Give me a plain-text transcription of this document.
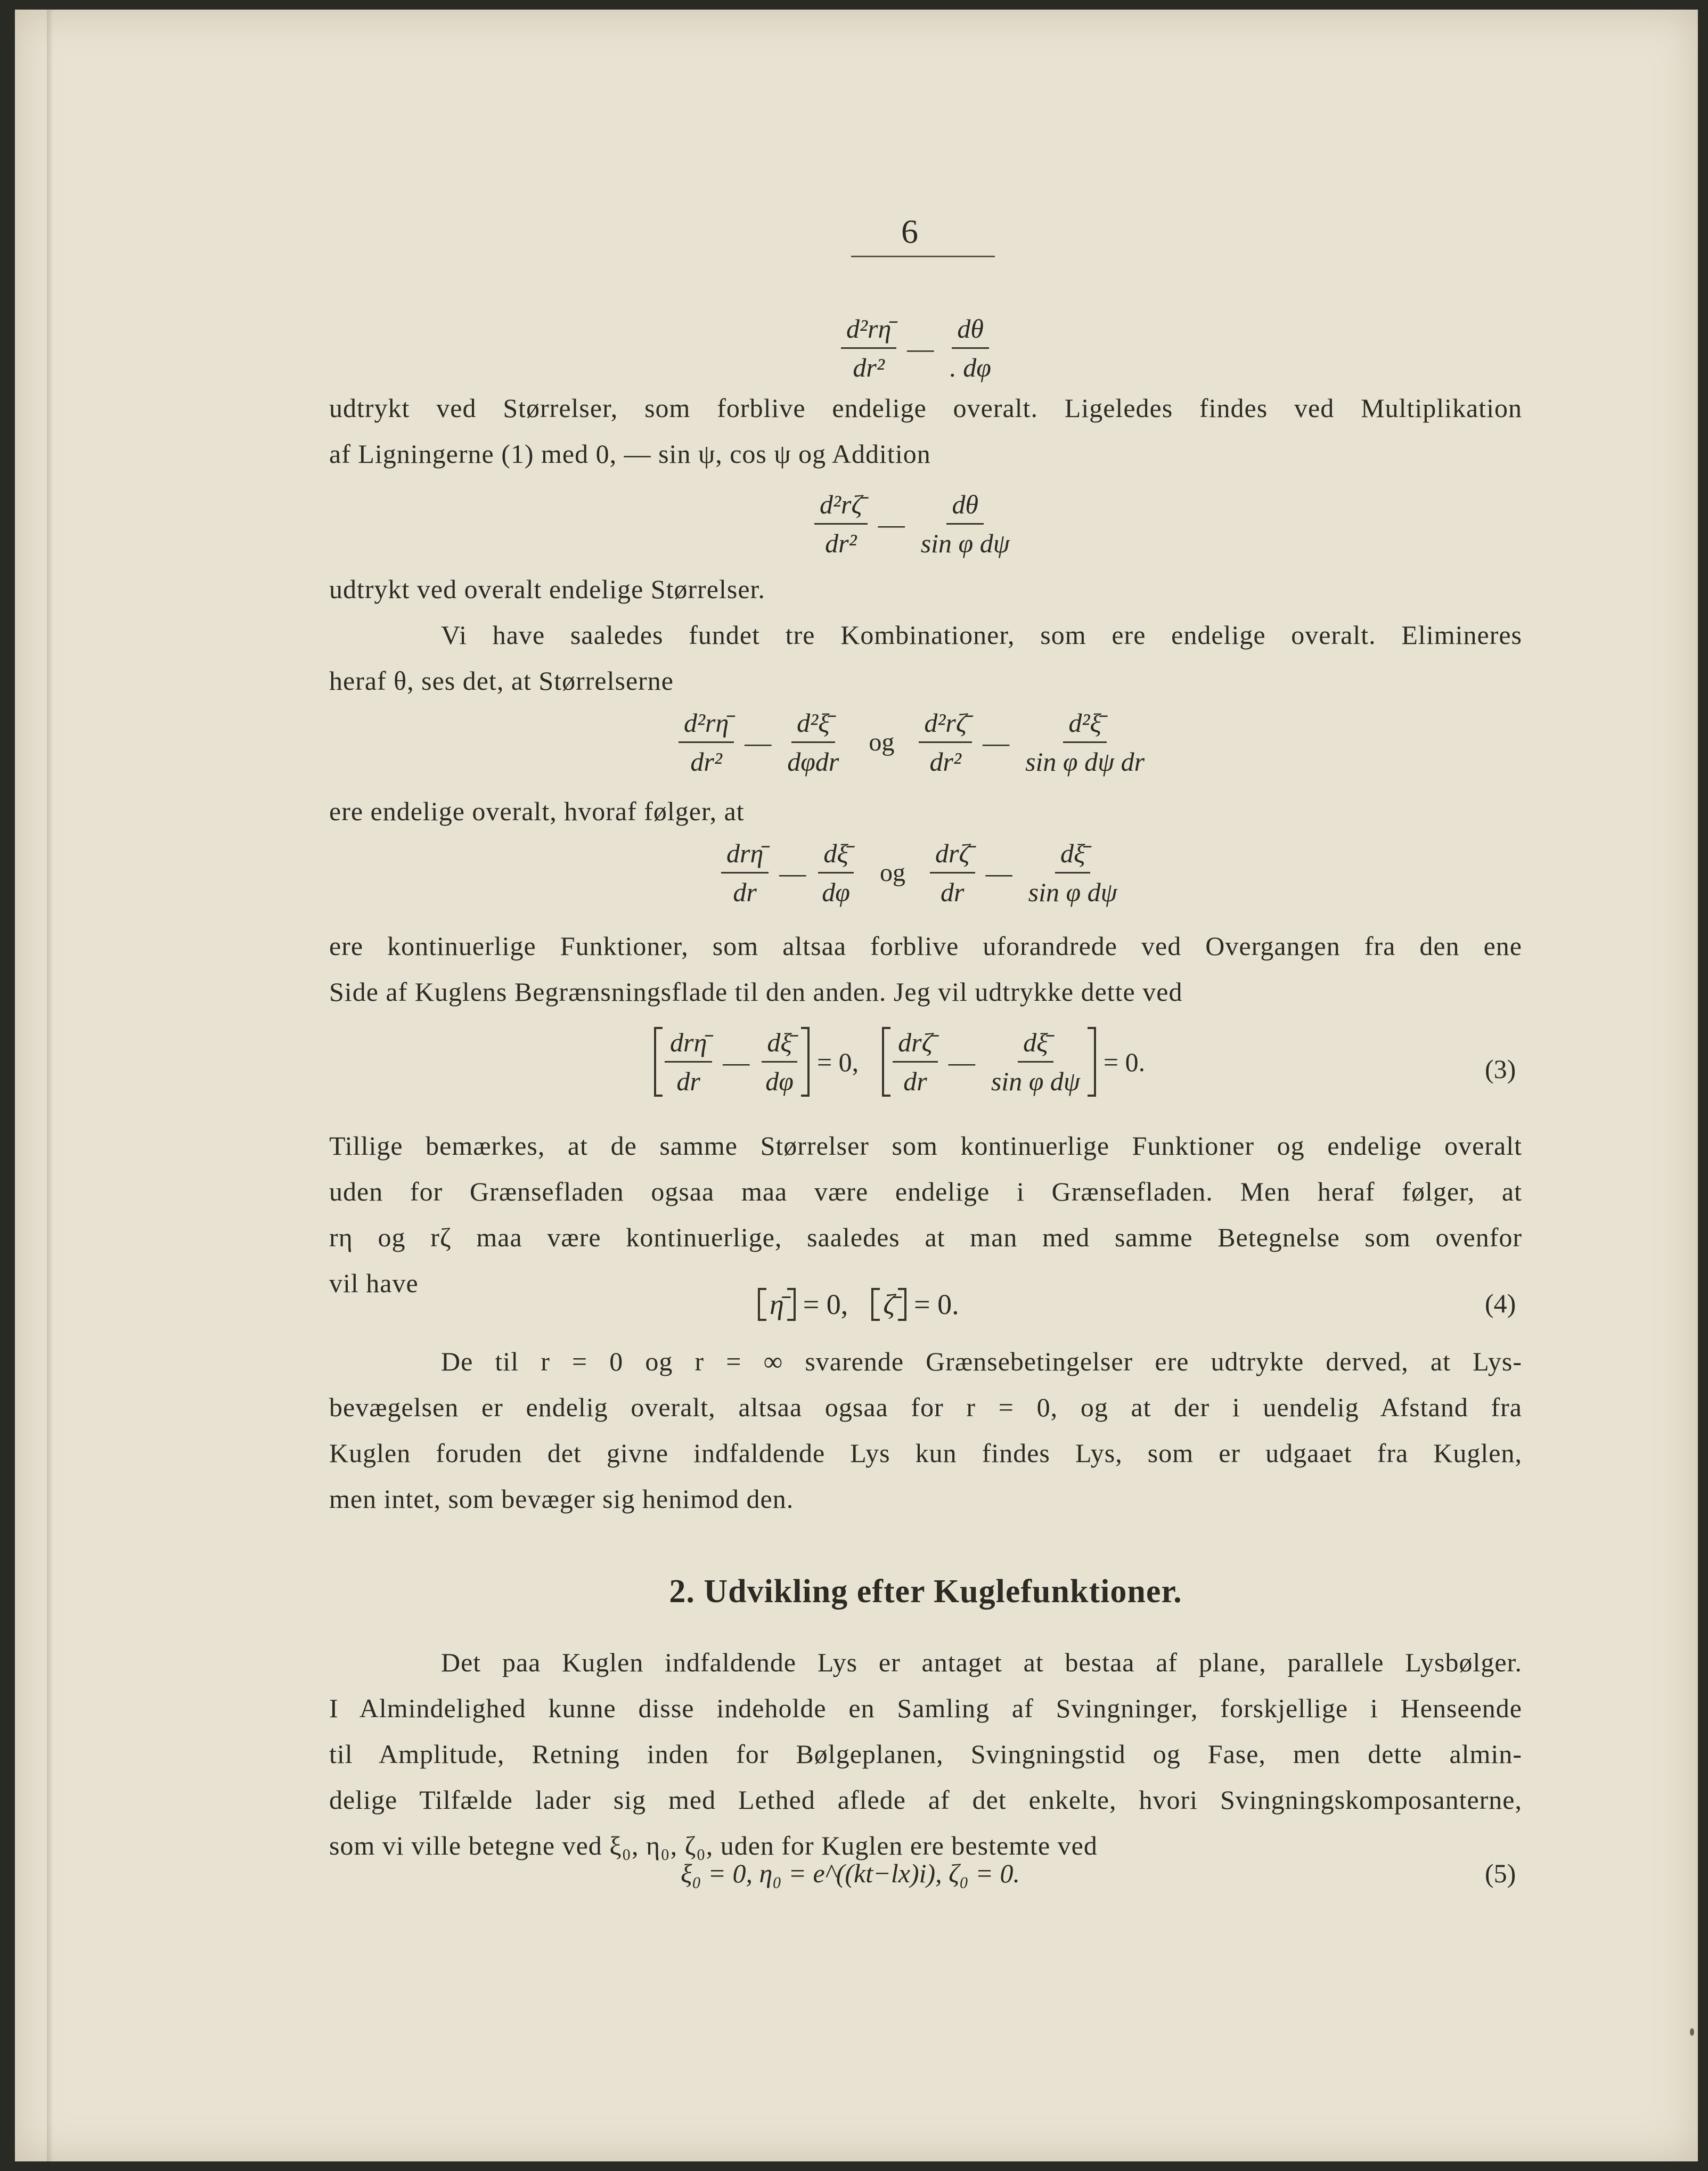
6
$\frac{\text{d²rη̄}}{\text{dr²}}$ — $\frac{d\theta}{. d\varphi}$
udtrykt ved Størrelser, som forblive endelige overalt. Ligeledes findes ved Multiplikation
af Ligningerne (1) med 0, — sin ψ, cos ψ og Addition
$\frac{\text{d²rζ̄}}{\text{dr²}}$ — $\frac{d\theta}{\text{sin φ dψ}}$
udtrykt ved overalt endelige Størrelser.
Vi have saaledes fundet tre Kombinationer, som ere endelige overalt. Elimineres
heraf θ, ses det, at Størrelserne
$\frac{\text{d²rη̄}}{\text{dr²}}$ — $\frac{\text{d²ξ̄}}{\text{dφdr}}$ og $\frac{\text{d²rζ̄}}{\text{dr²}}$ — $\frac{\text{d²ξ̄}}{\text{sin φ dψ dr}}$
ere endelige overalt, hvoraf følger, at
$\frac{\text{drη̄}}{dr}$ — $\frac{d\xī}{d\varphi}$ og $\frac{\text{drζ̄}}{dr}$ — $\frac{d\xī}{\text{sin φ dψ}}$
ere kontinuerlige Funktioner, som altsaa forblive uforandrede ved Overgangen fra den ene
Side af Kuglens Begrænsningsflade til den anden. Jeg vil udtrykke dette ved
$\frac{\text{drη̄}}{dr}$ — $\frac{d\xī}{d\varphi} = 0$, $\frac{\text{drζ̄}}{dr}$ — $\frac{d\xī}{\text{sin φ dψ}} = 0$.	(3)
Tillige bemærkes, at de samme Størrelser som kontinuerlige Funktioner og endelige overalt
uden for Grænsefladen ogsaa maa være endelige i Grænsefladen. Men heraf følger, at
rη og rζ maa være kontinuerlige, saaledes at man med samme Betegnelse som ovenfor
vil have
η̄ = 0, ζ̄ = 0.	(4)
De til r = 0 og r = ∞ svarende Grænsebetingelser ere udtrykte derved, at Lys-
bevægelsen er endelig overalt, altsaa ogsaa for r = 0, og at der i uendelig Afstand fra
Kuglen foruden det givne indfaldende Lys kun findes Lys, som er udgaaet fra Kuglen,
men intet, som bevæger sig henimod den.
2. Udvikling efter Kuglefunktioner.
Det paa Kuglen indfaldende Lys er antaget at bestaa af plane, parallele Lysbølger.
I Almindelighed kunne disse indeholde en Samling af Svingninger, forskjellige i Henseende
til Amplitude, Retning inden for Bølgeplanen, Svingningstid og Fase, men dette almin-
delige Tilfælde lader sig med Lethed aflede af det enkelte, hvori Svingningskomposanterne,
som vi ville betegne ved ξ₀, η₀, ζ₀, uden for Kuglen ere bestemte ved
ξ₀ = 0, η₀ = e^((kt−lx)i), ζ₀ = 0.	(5)
